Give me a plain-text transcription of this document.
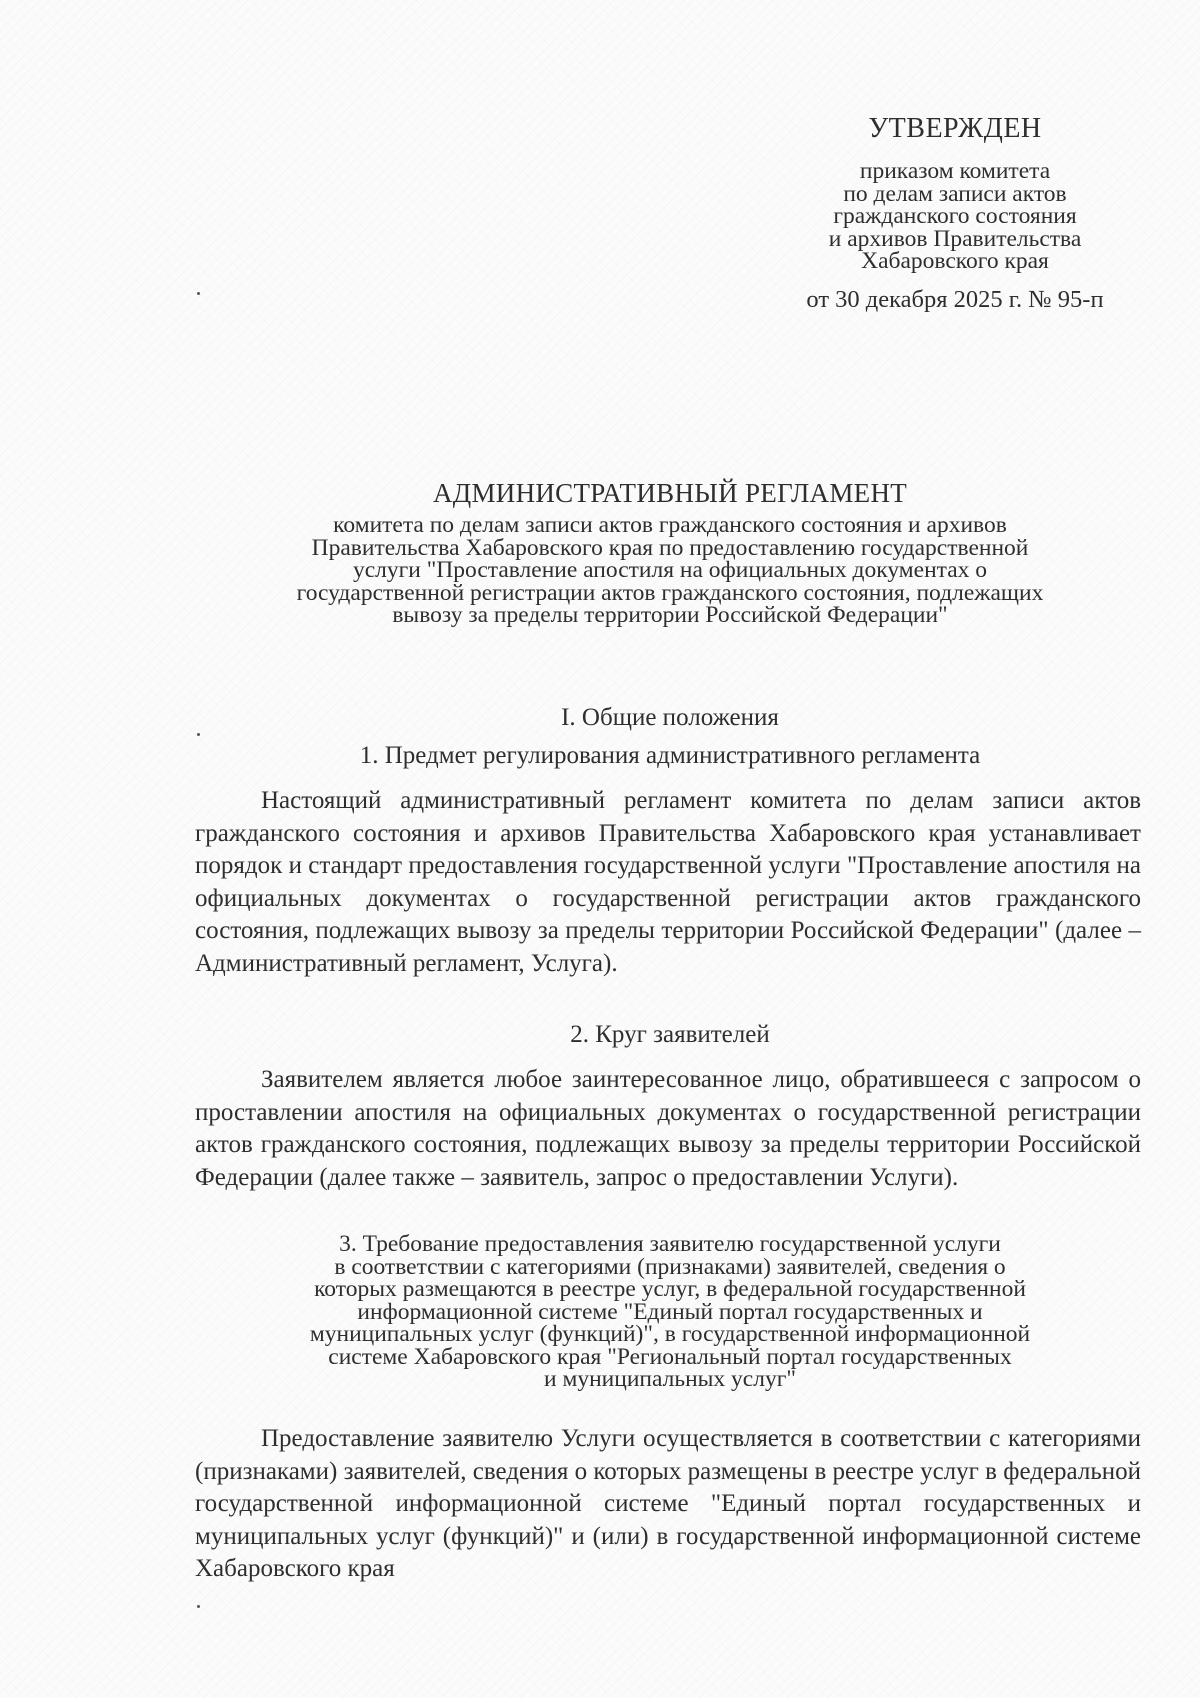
УТВЕРЖДЕН
приказом комитета
по делам записи актов
гражданского состояния
и архивов Правительства
Хабаровского края
от 30 декабря 2025 г. № 95-п
АДМИНИСТРАТИВНЫЙ РЕГЛАМЕНТ
комитета по делам записи актов гражданского состояния и архивов
Правительства Хабаровского края по предоставлению государственной
услуги "Проставление апостиля на официальных документах о
государственной регистрации актов гражданского состояния, подлежащих
вывозу за пределы территории Российской Федерации"
I. Общие положения
1. Предмет регулирования административного регламента

Настоящий административный регламент комитета по делам записи актов гражданского состояния и архивов Правительства Хабаровского края устанавливает порядок и стандарт предоставления государственной услуги "Проставление апостиля на официальных документах о государственной регистрации актов гражданского состояния, подлежащих вывозу за пределы территории Российской Федерации" (далее – Административный регламент, Услуга).

2. Круг заявителей

Заявителем является любое заинтересованное лицо, обратившееся с запросом о проставлении апостиля на официальных документах о государственной регистрации актов гражданского состояния, подлежащих вывозу за пределы территории Российской Федерации (далее также – заявитель, запрос о предоставлении Услуги).

3. Требование предоставления заявителю государственной услуги
в соответствии с категориями (признаками) заявителей, сведения о
которых размещаются в реестре услуг, в федеральной государственной
информационной системе "Единый портал государственных и
муниципальных услуг (функций)", в государственной информационной
системе Хабаровского края "Региональный портал государственных
и муниципальных услуг"

Предоставление заявителю Услуги осуществляется в соответствии с категориями (признаками) заявителей, сведения о которых размещены в реестре услуг в федеральной государственной информационной системе "Единый портал государственных и муниципальных услуг (функций)" и (или) в государственной информационной системе Хабаровского края
